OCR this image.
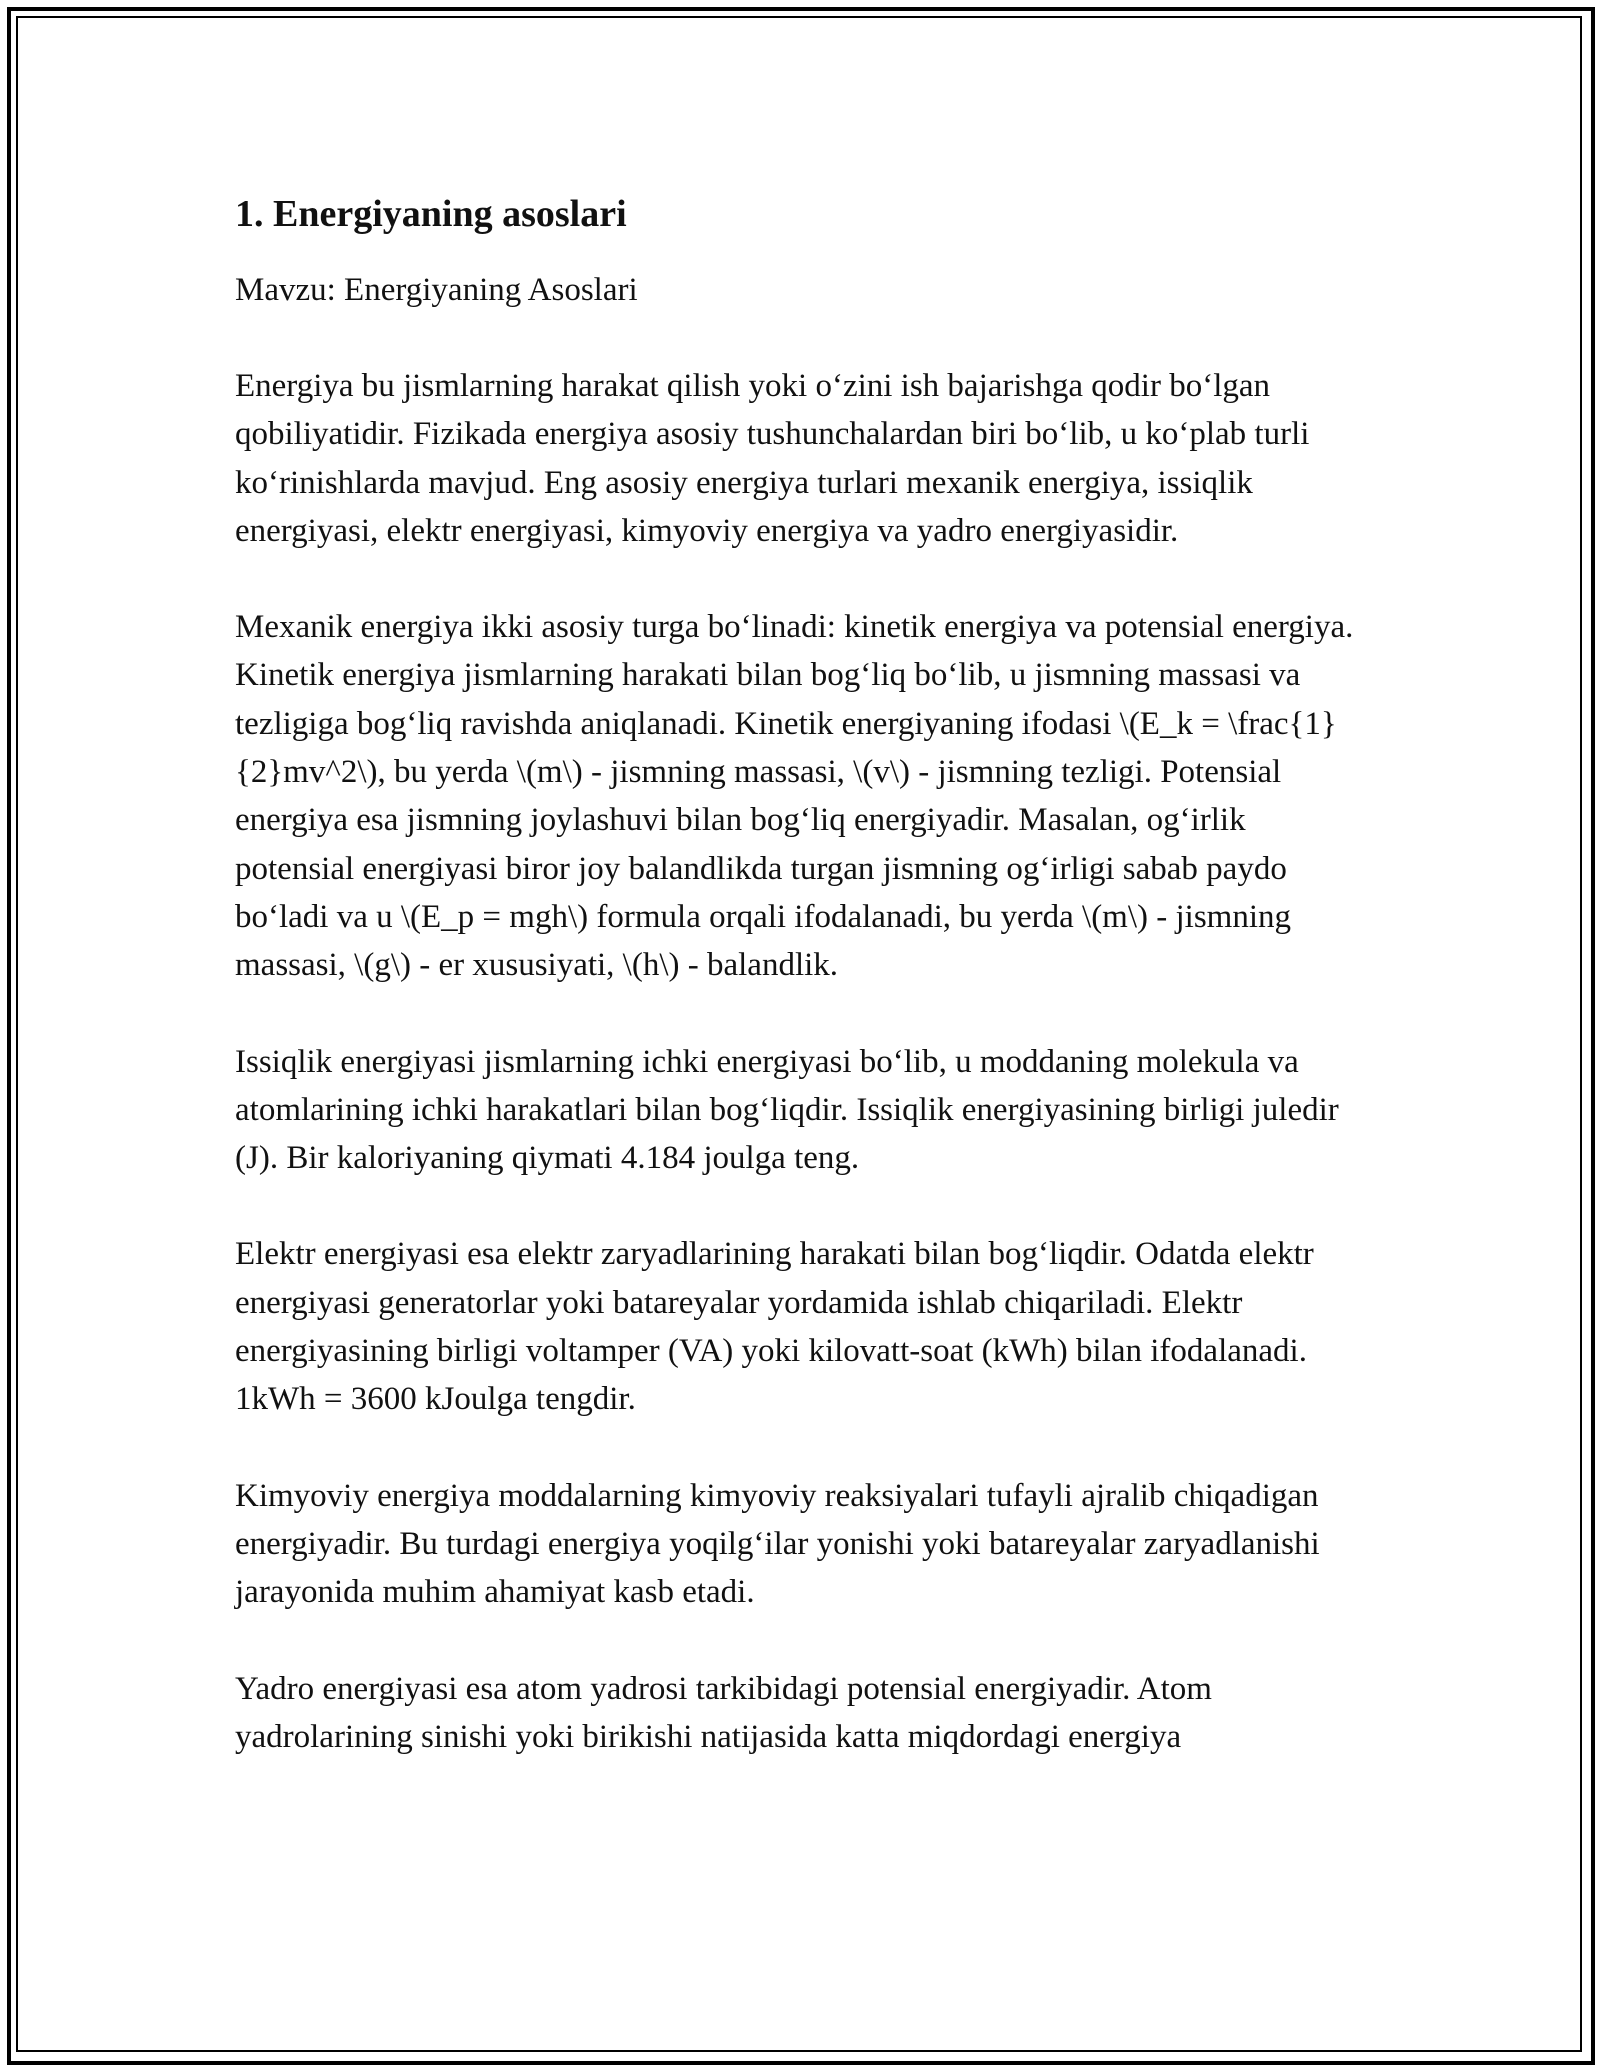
1. Energiyaning asoslari

Mavzu: Energiyaning Asoslari

Energiya bu jismlarning harakat qilish yoki o‘zini ish bajarishga qodir bo‘lgan qobiliyatidir. Fizikada energiya asosiy tushunchalardan biri bo‘lib, u ko‘plab turli ko‘rinishlarda mavjud. Eng asosiy energiya turlari mexanik energiya, issiqlik energiyasi, elektr energiyasi, kimyoviy energiya va yadro energiyasidir.

Mexanik energiya ikki asosiy turga bo‘linadi: kinetik energiya va potensial energiya. Kinetik energiya jismlarning harakati bilan bog‘liq bo‘lib, u jismning massasi va tezligiga bog‘liq ravishda aniqlanadi. Kinetik energiyaning ifodasi \(E_k = \frac{1}{2}mv^2\), bu yerda \(m\) - jismning massasi, \(v\) - jismning tezligi. Potensial energiya esa jismning joylashuvi bilan bog‘liq energiyadir. Masalan, og‘irlik potensial energiyasi biror joy balandlikda turgan jismning og‘irligi sabab paydo bo‘ladi va u \(E_p = mgh\) formula orqali ifodalanadi, bu yerda \(m\) - jismning massasi, \(g\) - er xususiyati, \(h\) - balandlik.

Issiqlik energiyasi jismlarning ichki energiyasi bo‘lib, u moddaning molekula va atomlarining ichki harakatlari bilan bog‘liqdir. Issiqlik energiyasining birligi juledir (J). Bir kaloriyaning qiymati 4.184 joulga teng.

Elektr energiyasi esa elektr zaryadlarining harakati bilan bog‘liqdir. Odatda elektr energiyasi generatorlar yoki batareyalar yordamida ishlab chiqariladi. Elektr energiyasining birligi voltamper (VA) yoki kilovatt-soat (kWh) bilan ifodalanadi. 1kWh = 3600 kJoulga tengdir.

Kimyoviy energiya moddalarning kimyoviy reaksiyalari tufayli ajralib chiqadigan energiyadir. Bu turdagi energiya yoqilg‘ilar yonishi yoki batareyalar zaryadlanishi jarayonida muhim ahamiyat kasb etadi.

Yadro energiyasi esa atom yadrosi tarkibidagi potensial energiyadir. Atom yadrolarining sinishi yoki birikishi natijasida katta miqdordagi energiya
